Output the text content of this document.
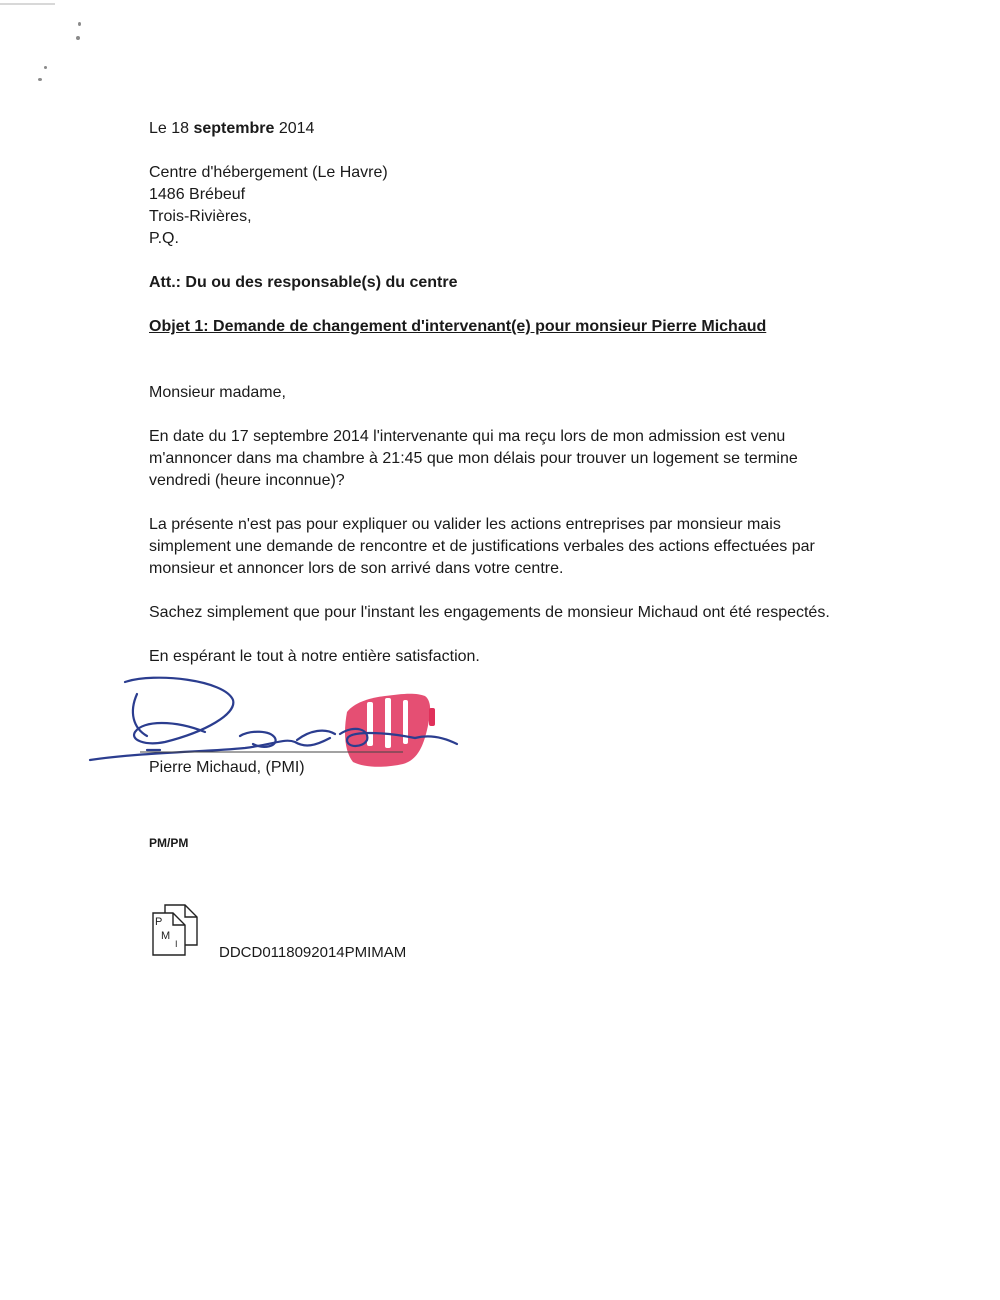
Le 18 septembre 2014
Centre d'hébergement (Le Havre)
1486 Brébeuf
Trois-Rivières,
P.Q.
Att.: Du ou des responsable(s) du centre
Objet 1: Demande de changement d'intervenant(e) pour monsieur Pierre Michaud
Monsieur madame,
En date du 17 septembre 2014 l'intervenante qui ma reçu lors de mon admission est venu
m'annoncer dans ma chambre à 21:45 que mon délais pour trouver un logement se termine
vendredi (heure inconnue)?
La présente n'est pas pour expliquer ou valider les actions entreprises par monsieur mais
simplement une demande de rencontre et de justifications verbales des actions effectuées par
monsieur et annoncer lors de son arrivé dans votre centre.
Sachez simplement que pour l'instant les engagements de monsieur Michaud ont été respectés.
En espérant le tout à notre entière satisfaction.
Pierre Michaud, (PMI)
PM/PM
P
M
I	DDCD0118092014PMIMAM
